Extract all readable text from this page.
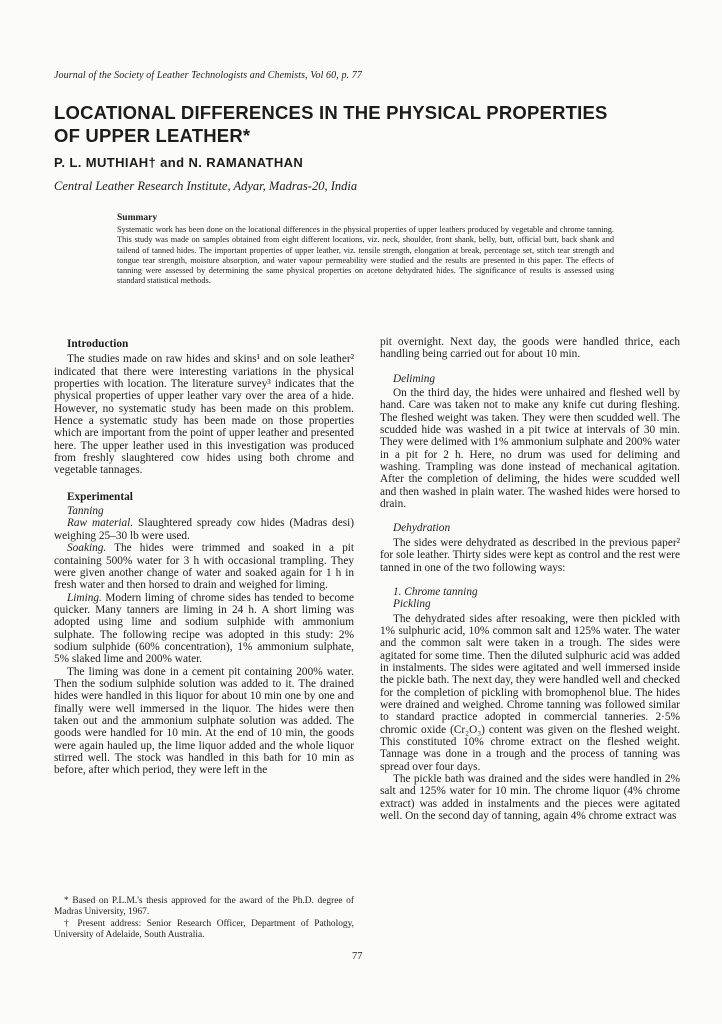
Journal of the Society of Leather Technologists and Chemists, Vol 60, p. 77
LOCATIONAL DIFFERENCES IN THE PHYSICAL PROPERTIES
OF UPPER LEATHER*
P. L. MUTHIAH† and N. RAMANATHAN
Central Leather Research Institute, Adyar, Madras-20, India
Summary
Systematic work has been done on the locational differences in the physical properties of upper leathers produced by vegetable and chrome tanning. This study was made on samples obtained from eight different locations, viz. neck, shoulder, front shank, belly, butt, official butt, back shank and tailend of tanned hides. The important properties of upper leather, viz. tensile strength, elongation at break, percentage set, stitch tear strength and tongue tear strength, moisture absorption, and water vapour permeability were studied and the results are presented in this paper. The effects of tanning were assessed by determining the same physical properties on acetone dehydrated hides. The significance of results is assessed using standard statistical methods.

Introduction

The studies made on raw hides and skins¹ and on sole leather² indicated that there were interesting variations in the physical properties with location. The literature survey³ indicates that the physical properties of upper leather vary over the area of a hide. However, no systematic study has been made on this problem. Hence a systematic study has been made on those properties which are important from the point of upper leather and presented here. The upper leather used in this investigation was produced from freshly slaughtered cow hides using both chrome and vegetable tannages.

Experimental

Tanning

Raw material. Slaughtered spready cow hides (Madras desi) weighing 25–30 lb were used.

Soaking. The hides were trimmed and soaked in a pit containing 500% water for 3 h with occasional trampling. They were given another change of water and soaked again for 1 h in fresh water and then horsed to drain and weighed for liming.

Liming. Modern liming of chrome sides has tended to become quicker. Many tanners are liming in 24 h. A short liming was adopted using lime and sodium sulphide with ammonium sulphate. The following recipe was adopted in this study: 2% sodium sulphide (60% concentration), 1% ammonium sulphate, 5% slaked lime and 200% water.

The liming was done in a cement pit containing 200% water. Then the sodium sulphide solution was added to it. The drained hides were handled in this liquor for about 10 min one by one and finally were well immersed in the liquor. The hides were then taken out and the ammonium sulphate solution was added. The goods were handled for 10 min. At the end of 10 min, the goods were again hauled up, the lime liquor added and the whole liquor stirred well. The stock was handled in this bath for 10 min as before, after which period, they were left in the

* Based on P.L.M.'s thesis approved for the award of the Ph.D. degree of Madras University, 1967.
† Present address: Senior Research Officer, Department of Pathology, University of Adelaide, South Australia.

pit overnight. Next day, the goods were handled thrice, each handling being carried out for about 10 min.

Deliming

On the third day, the hides were unhaired and fleshed well by hand. Care was taken not to make any knife cut during fleshing. The fleshed weight was taken. They were then scudded well. The scudded hide was washed in a pit twice at intervals of 30 min. They were delimed with 1% ammonium sulphate and 200% water in a pit for 2 h. Here, no drum was used for deliming and washing. Trampling was done instead of mechanical agitation. After the completion of deliming, the hides were scudded well and then washed in plain water. The washed hides were horsed to drain.

Dehydration

The sides were dehydrated as described in the previous paper² for sole leather. Thirty sides were kept as control and the rest were tanned in one of the two following ways:

1. Chrome tanning

Pickling

The dehydrated sides after resoaking, were then pickled with 1% sulphuric acid, 10% common salt and 125% water. The water and the common salt were taken in a trough. The sides were agitated for some time. Then the diluted sulphuric acid was added in instalments. The sides were agitated and well immersed inside the pickle bath. The next day, they were handled well and checked for the completion of pickling with bromophenol blue. The hides were drained and weighed. Chrome tanning was followed similar to standard practice adopted in commercial tanneries. 2·5% chromic oxide (Cr₂O₃) content was given on the fleshed weight. This constituted 10% chrome extract on the fleshed weight. Tannage was done in a trough and the process of tanning was spread over four days.

The pickle bath was drained and the sides were handled in 2% salt and 125% water for 10 min. The chrome liquor (4% chrome extract) was added in instalments and the pieces were agitated well. On the second day of tanning, again 4% chrome extract was

77
